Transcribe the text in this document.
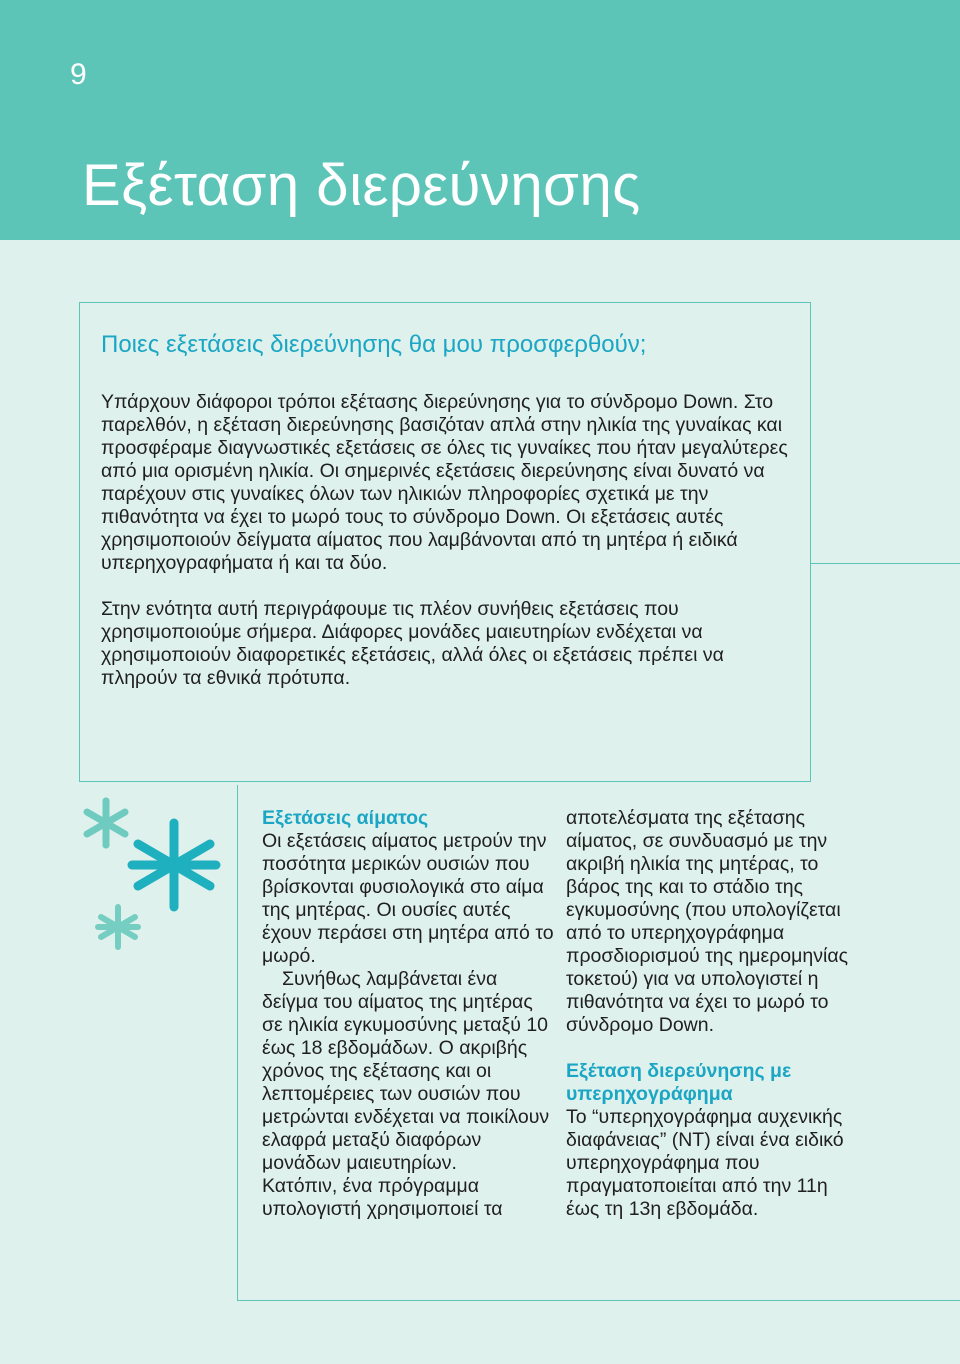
9
Εξέταση διερεύνησης
Ποιες εξετάσεις διερεύνησης θα μου προσφερθούν;

Υπάρχουν διάφοροι τρόποι εξέτασης διερεύνησης για το σύνδρομο Down. Στο παρελθόν, η εξέταση διερεύνησης βασιζόταν απλά στην ηλικία της γυναίκας και προσφέραμε διαγνωστικές εξετάσεις σε όλες τις γυναίκες που ήταν μεγαλύτερες από μια ορισμένη ηλικία. Οι σημερινές εξετάσεις διερεύνησης είναι δυνατό να παρέχουν στις γυναίκες όλων των ηλικιών πληροφορίες σχετικά με την πιθανότητα να έχει το μωρό τους το σύνδρομο Down. Οι εξετάσεις αυτές χρησιμοποιούν δείγματα αίματος που λαμβάνονται από τη μητέρα ή ειδικά υπερηχογραφήματα ή και τα δύο.

Στην ενότητα αυτή περιγράφουμε τις πλέον συνήθεις εξετάσεις που χρησιμοποιούμε σήμερα. Διάφορες μονάδες μαιευτηρίων ενδέχεται να χρησιμοποιούν διαφορετικές εξετάσεις, αλλά όλες οι εξετάσεις πρέπει να πληρούν τα εθνικά πρότυπα.

Εξετάσεις αίματος

Οι εξετάσεις αίματος μετρούν την ποσότητα μερικών ουσιών που βρίσκονται φυσιολογικά στο αίμα της μητέρας. Οι ουσίες αυτές έχουν περάσει στη μητέρα από το μωρό.

Συνήθως λαμβάνεται ένα δείγμα του αίματος της μητέρας σε ηλικία εγκυμοσύνης μεταξύ 10 έως 18 εβδομάδων. Ο ακριβής χρόνος της εξέτασης και οι λεπτομέρειες των ουσιών που μετρώνται ενδέχεται να ποικίλουν ελαφρά μεταξύ διαφόρων μονάδων μαιευτηρίων.

Κατόπιν, ένα πρόγραμμα υπολογιστή χρησιμοποιεί τα

αποτελέσματα της εξέτασης αίματος, σε συνδυασμό με την ακριβή ηλικία της μητέρας, το βάρος της και το στάδιο της εγκυμοσύνης (που υπολογίζεται από το υπερηχογράφημα προσδιορισμού της ημερομηνίας τοκετού) για να υπολογιστεί η πιθανότητα να έχει το μωρό το σύνδρομο Down.

Εξέταση διερεύνησης με υπερηχογράφημα

Το “υπερηχογράφημα αυχενικής διαφάνειας” (NT) είναι ένα ειδικό υπερηχογράφημα που πραγματοποιείται από την 11η έως τη 13η εβδομάδα.
